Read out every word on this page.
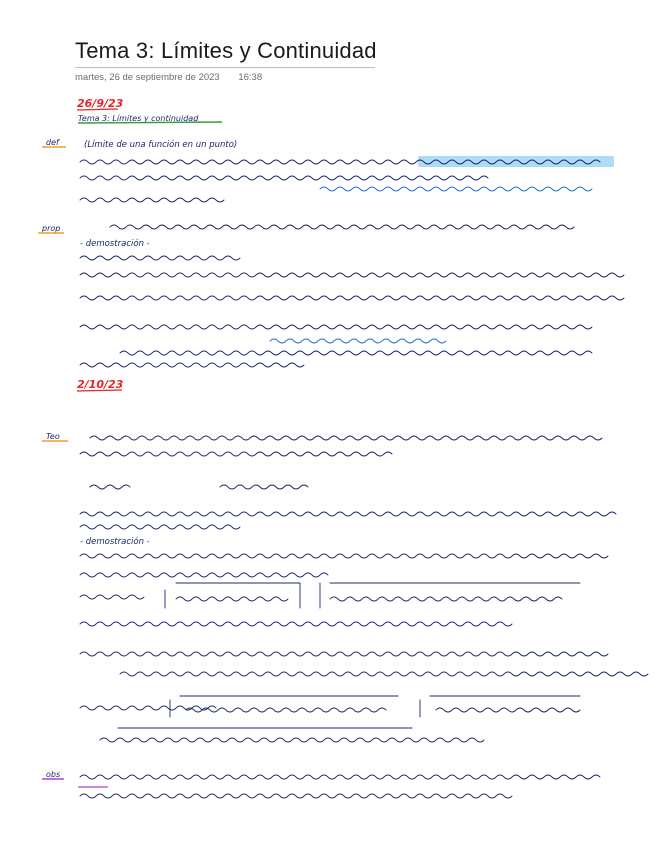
Tema 3: Límites y Continuidad
martes, 26 de septiembre de 2023 16:38
26/9/23
2/10/23
def
prop
Teo
obs
Tema 3: Límites y continuidad
(Límite de una función en un punto)
- demostración -
- demostración -
